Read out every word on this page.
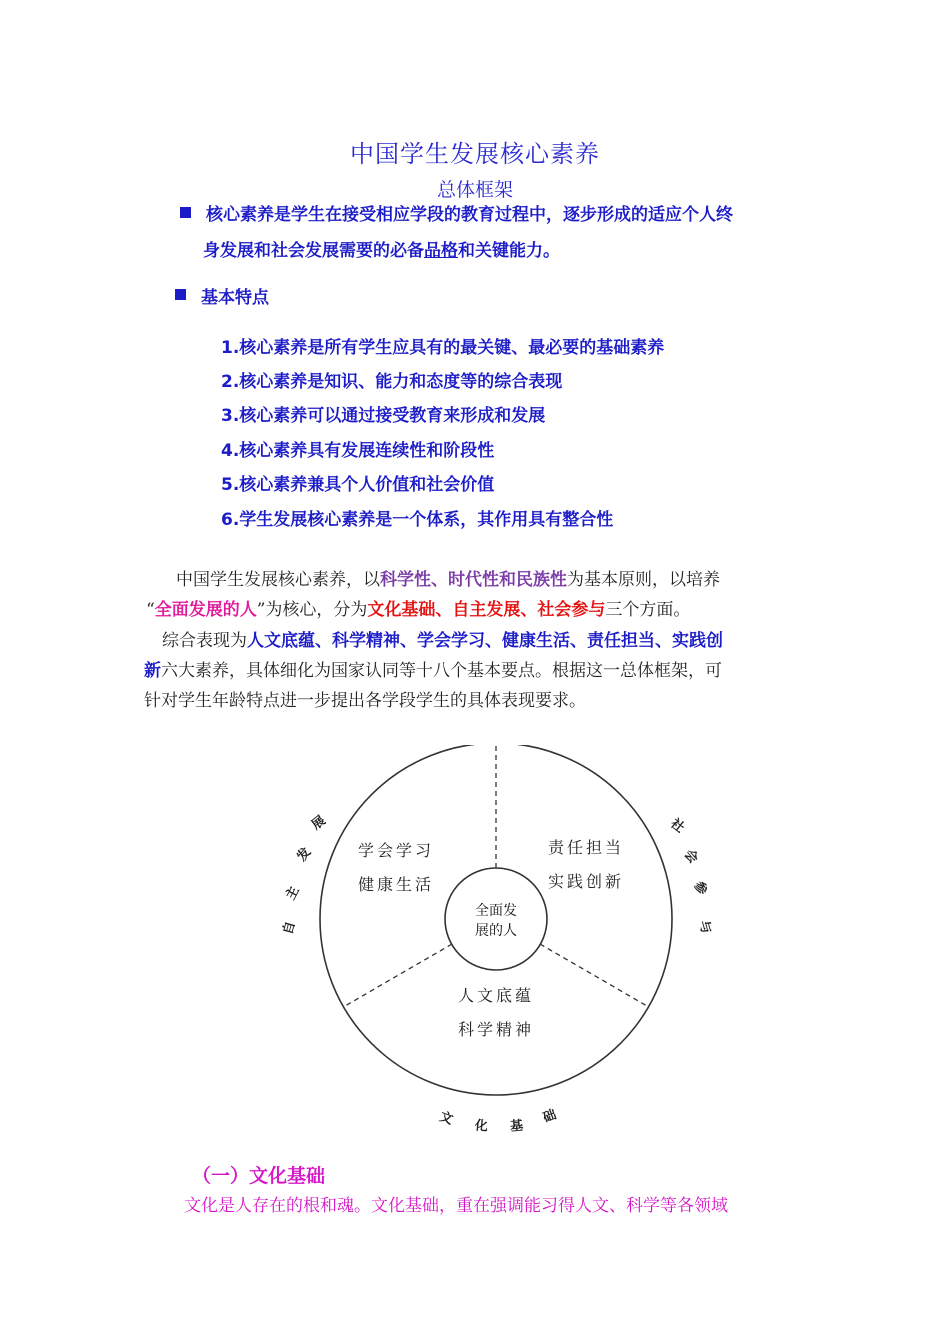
中国学生发展核心素养
总体框架
核心素养是学生在接受相应学段的教育过程中，逐步形成的适应个人终
身发展和社会发展需要的必备品格和关键能力。
基本特点
1.核心素养是所有学生应具有的最关键、最必要的基础素养
2.核心素养是知识、能力和态度等的综合表现
3.核心素养可以通过接受教育来形成和发展
4.核心素养具有发展连续性和阶段性
5.核心素养兼具个人价值和社会价值
6.学生发展核心素养是一个体系，其作用具有整合性
中国学生发展核心素养，以科学性、时代性和民族性为基本原则，以培养
“全面发展的人”为核心，分为文化基础、自主发展、社会参与三个方面。
综合表现为人文底蕴、科学精神、学会学习、健康生活、责任担当、实践创
新六大素养，具体细化为国家认同等十八个基本要点。根据这一总体框架，可
针对学生年龄特点进一步提出各学段学生的具体表现要求。
全面发
展的人
学会学习
健康生活
责任担当
实践创新
人文底蕴
科学精神
自
主
发
展	社
会
参
与
文 化 基
础
（一）文化基础
文化是人存在的根和魂。文化基础，重在强调能习得人文、科学等各领域
